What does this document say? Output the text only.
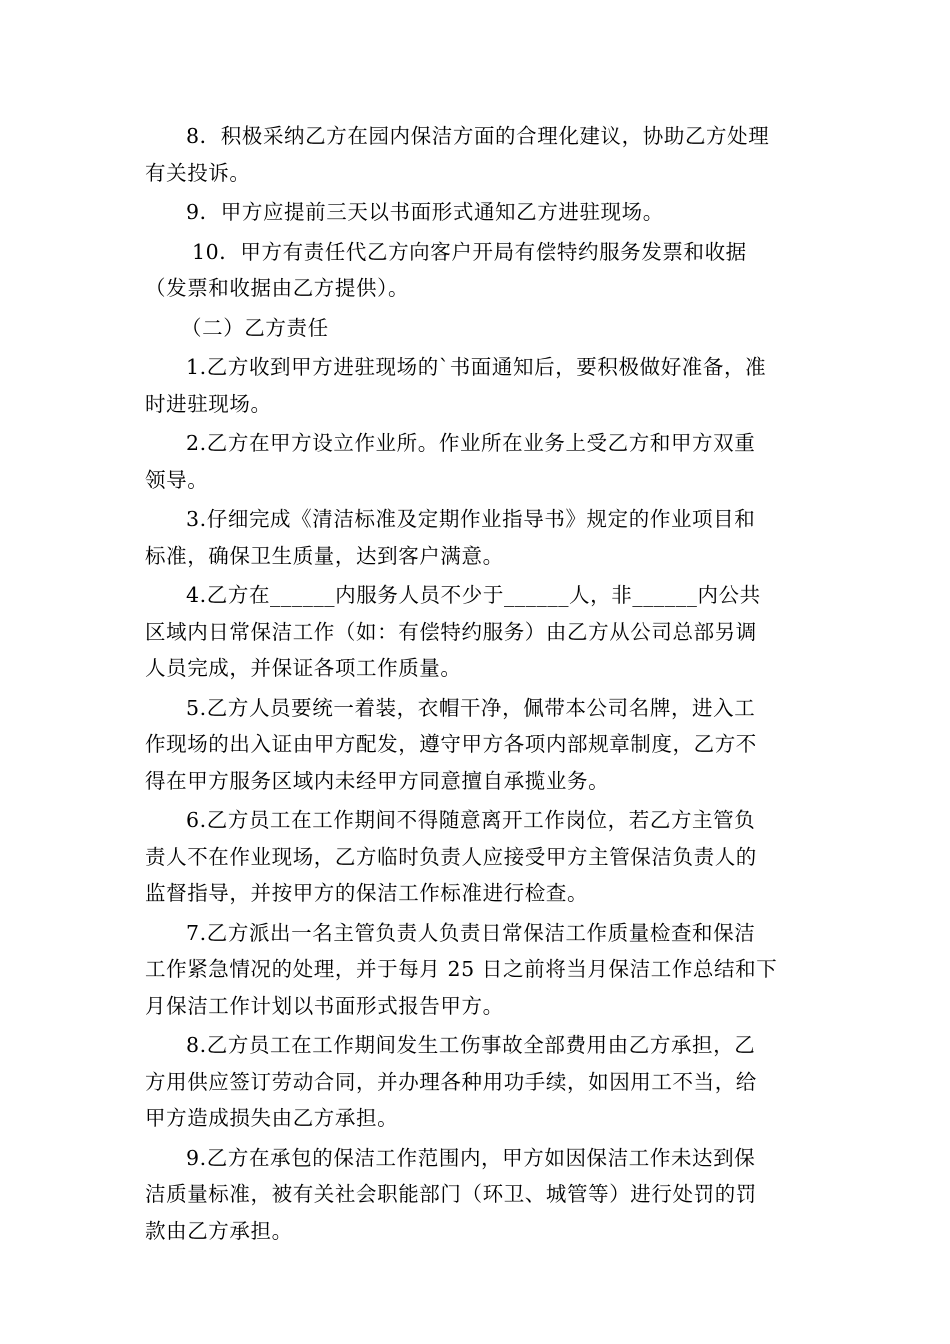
8．积极采纳乙方在园内保洁方面的合理化建议，协助乙方处理
有关投诉。

9．甲方应提前三天以书面形式通知乙方进驻现场。

10．甲方有责任代乙方向客户开局有偿特约服务发票和收据
（发票和收据由乙方提供）。

（二）乙方责任

1.乙方收到甲方进驻现场的`书面通知后，要积极做好准备，准
时进驻现场。

2.乙方在甲方设立作业所。作业所在业务上受乙方和甲方双重
领导。

3.仔细完成《清洁标准及定期作业指导书》规定的作业项目和
标准，确保卫生质量，达到客户满意。

4.乙方在______内服务人员不少于______人，非______内公共
区域内日常保洁工作（如：有偿特约服务）由乙方从公司总部另调
人员完成，并保证各项工作质量。

5.乙方人员要统一着装，衣帽干净，佩带本公司名牌，进入工
作现场的出入证由甲方配发，遵守甲方各项内部规章制度，乙方不
得在甲方服务区域内未经甲方同意擅自承揽业务。

6.乙方员工在工作期间不得随意离开工作岗位，若乙方主管负
责人不在作业现场，乙方临时负责人应接受甲方主管保洁负责人的
监督指导，并按甲方的保洁工作标准进行检查。

7.乙方派出一名主管负责人负责日常保洁工作质量检查和保洁
工作紧急情况的处理，并于每月 25 日之前将当月保洁工作总结和下
月保洁工作计划以书面形式报告甲方。

8.乙方员工在工作期间发生工伤事故全部费用由乙方承担，乙
方用供应签订劳动合同，并办理各种用功手续，如因用工不当，给
甲方造成损失由乙方承担。

9.乙方在承包的保洁工作范围内，甲方如因保洁工作未达到保
洁质量标准，被有关社会职能部门（环卫、城管等）进行处罚的罚
款由乙方承担。
